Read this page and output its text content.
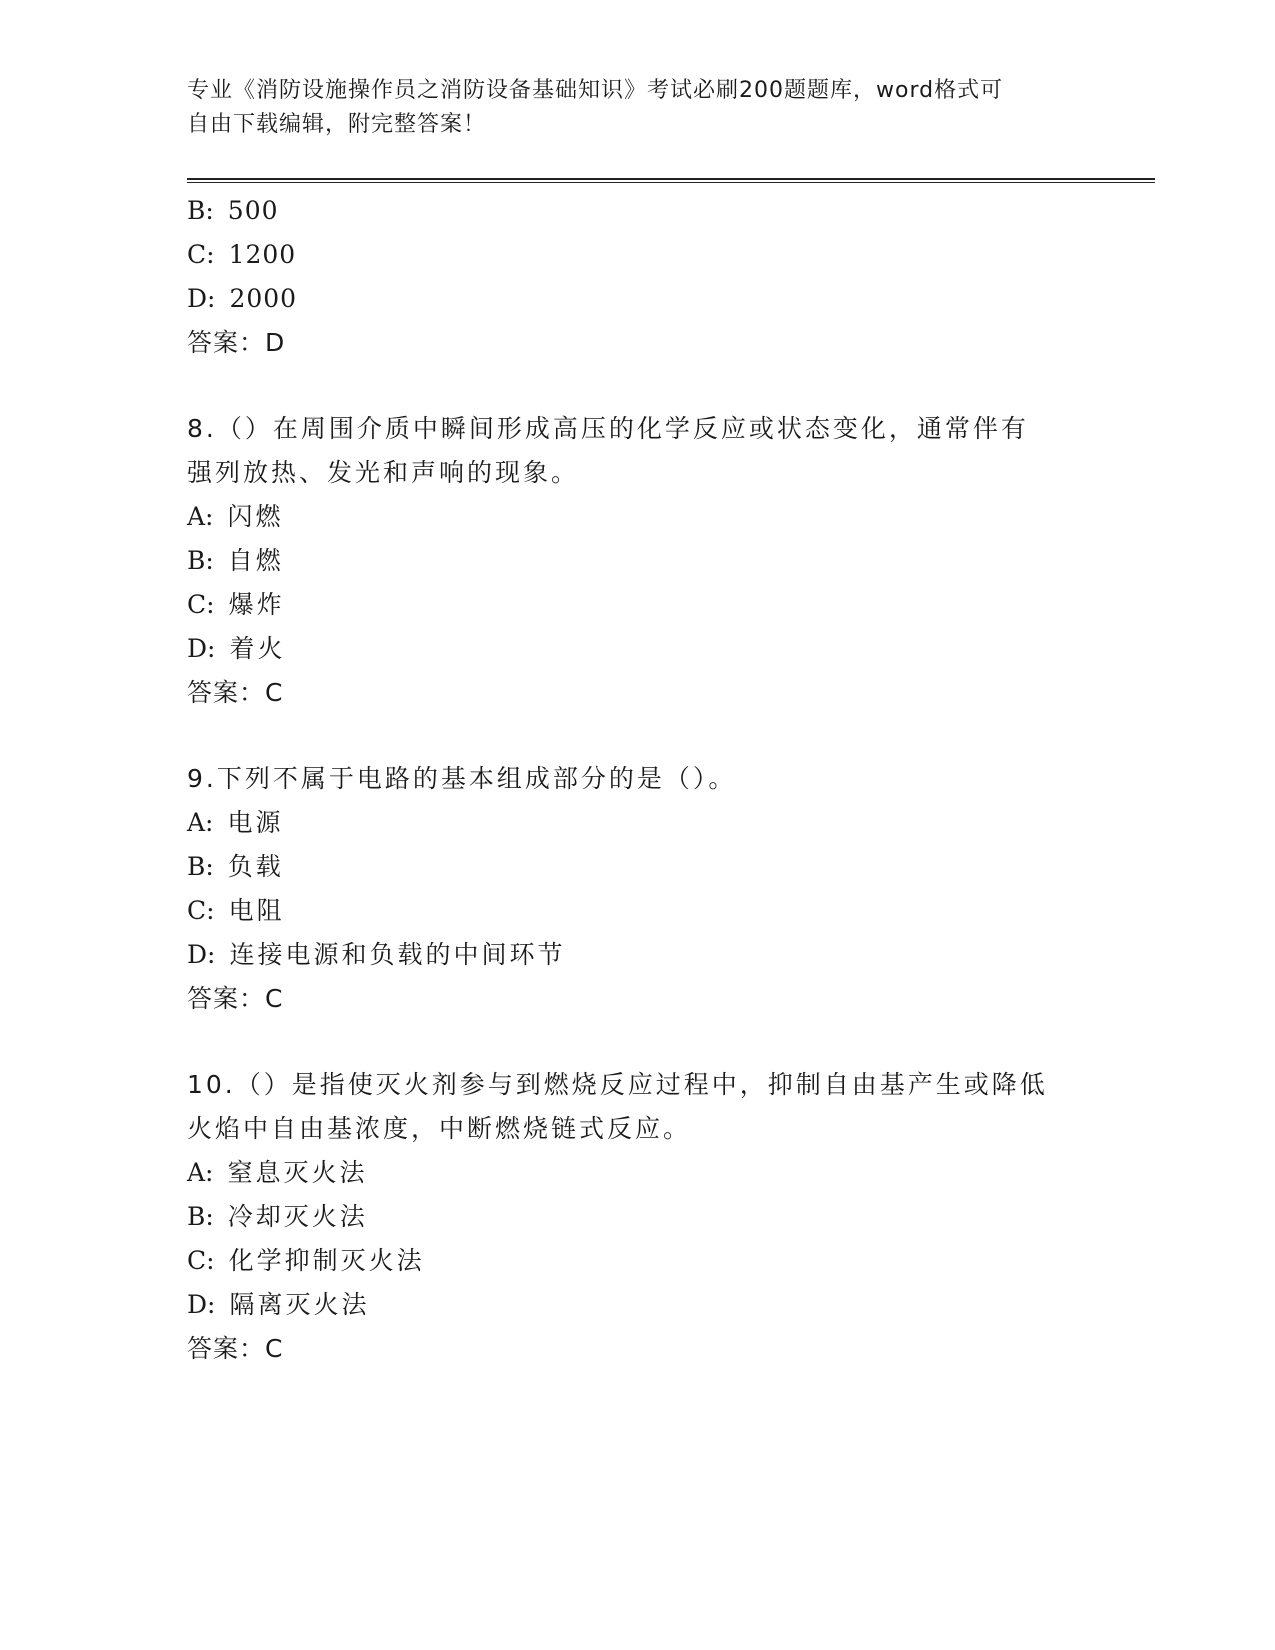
专业《消防设施操作员之消防设备基础知识》考试必刷200题题库，word格式可
自由下载编辑，附完整答案！
B: 500
C: 1200
D: 2000
答案：D
8.（）在周围介质中瞬间形成高压的化学反应或状态变化，通常伴有
强列放热、发光和声响的现象。
A: 闪燃
B: 自燃
C: 爆炸
D: 着火
答案：C
9.下列不属于电路的基本组成部分的是（）。
A: 电源
B: 负载
C: 电阻
D: 连接电源和负载的中间环节
答案：C
10.（）是指使灭火剂参与到燃烧反应过程中，抑制自由基产生或降低
火焰中自由基浓度，中断燃烧链式反应。
A: 窒息灭火法
B: 冷却灭火法
C: 化学抑制灭火法
D: 隔离灭火法
答案：C
